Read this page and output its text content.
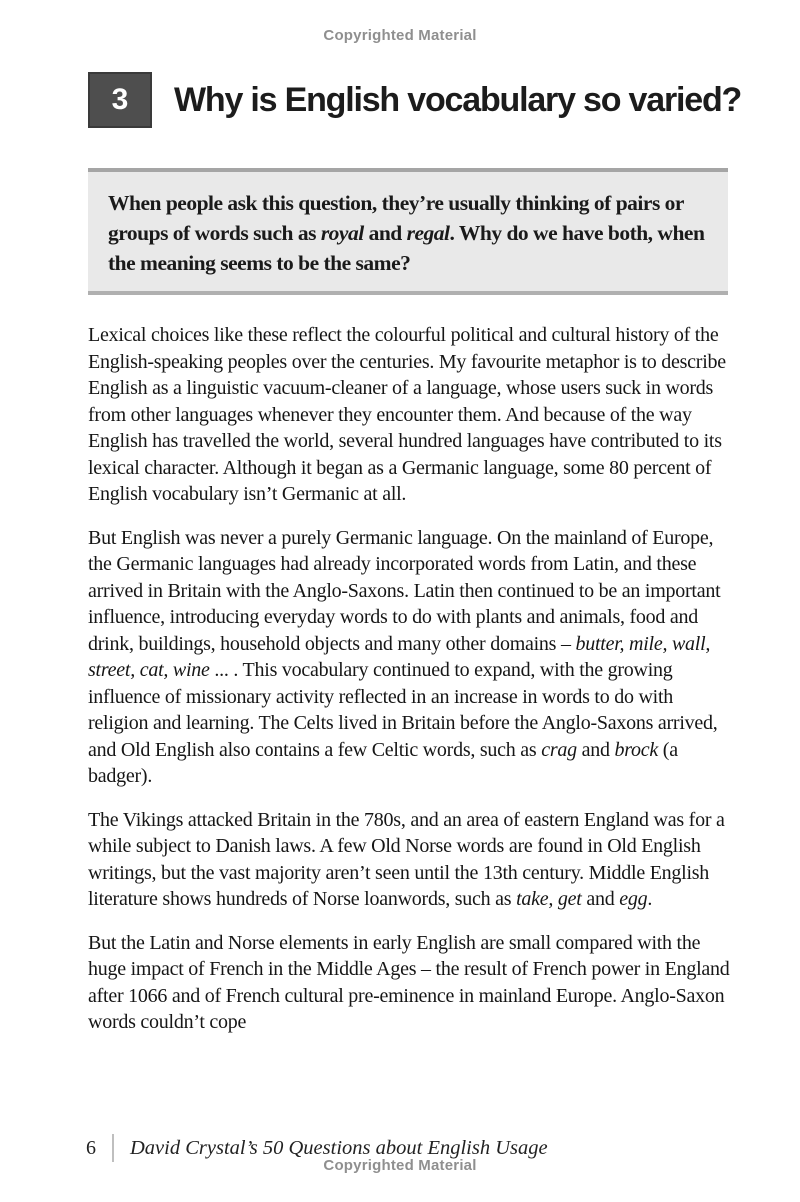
Copyrighted Material
3 Why is English vocabulary so varied?

When people ask this question, they’re usually thinking of pairs or groups of words such as royal and regal. Why do we have both, when the meaning seems to be the same?

Lexical choices like these reflect the colourful political and cultural history of the English-speaking peoples over the centuries. My favourite metaphor is to describe English as a linguistic vacuum-cleaner of a language, whose users suck in words from other languages whenever they encounter them. And because of the way English has travelled the world, several hundred languages have contributed to its lexical character. Although it began as a Germanic language, some 80 percent of English vocabulary isn’t Germanic at all.

But English was never a purely Germanic language. On the mainland of Europe, the Germanic languages had already incorporated words from Latin, and these arrived in Britain with the Anglo-Saxons. Latin then continued to be an important influence, introducing everyday words to do with plants and animals, food and drink, buildings, household objects and many other domains – butter, mile, wall, street, cat, wine ... . This vocabulary continued to expand, with the growing influence of missionary activity reflected in an increase in words to do with religion and learning. The Celts lived in Britain before the Anglo-Saxons arrived, and Old English also contains a few Celtic words, such as crag and brock (a badger).

The Vikings attacked Britain in the 780s, and an area of eastern England was for a while subject to Danish laws. A few Old Norse words are found in Old English writings, but the vast majority aren’t seen until the 13th century. Middle English literature shows hundreds of Norse loanwords, such as take, get and egg.

But the Latin and Norse elements in early English are small compared with the huge impact of French in the Middle Ages – the result of French power in England after 1066 and of French cultural pre-eminence in mainland Europe. Anglo-Saxon words couldn’t cope

6 David Crystal’s 50 Questions about English Usage
Copyrighted Material
